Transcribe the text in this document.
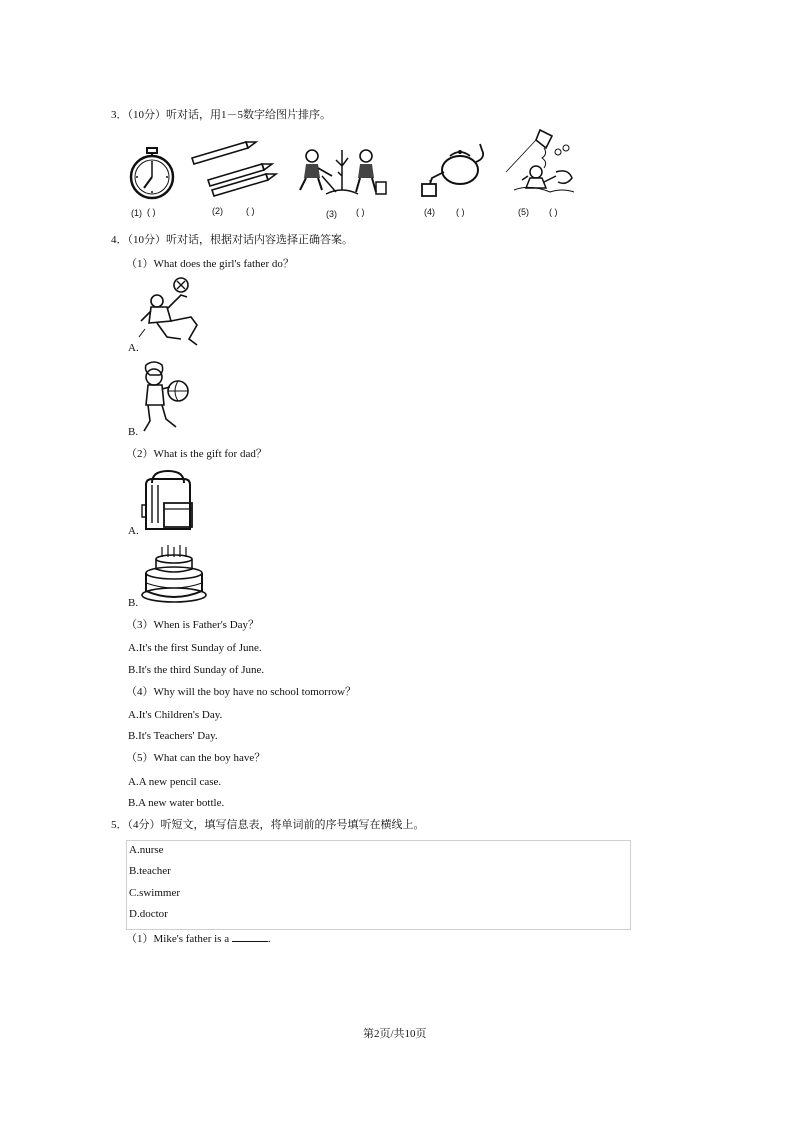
3．（10分）听对话，用1－5数字给图片排序。
(1) ( )	(2)	( )	(3) ( )	(4) ( )	(5) ( )
4．（10分）听对话，根据对话内容选择正确答案。
（1）What does the girl's father do？
A.
B.
（2）What is the gift for dad？
A.
B.
（3）When is Father's Day？
A.It's the first Sunday of June.
B.It's the third Sunday of June.
（4）Why will the boy have no school tomorrow？
A.It's Children's Day.
B.It's Teachers' Day.
（5）What can the boy have？
A.A new pencil case.
B.A new water bottle.
5．（4分）听短文，填写信息表，将单词前的序号填写在横线上。
A.nurse
B.teacher
C.swimmer
D.doctor
（1）Mike's father is a	.
第2页/共10页
